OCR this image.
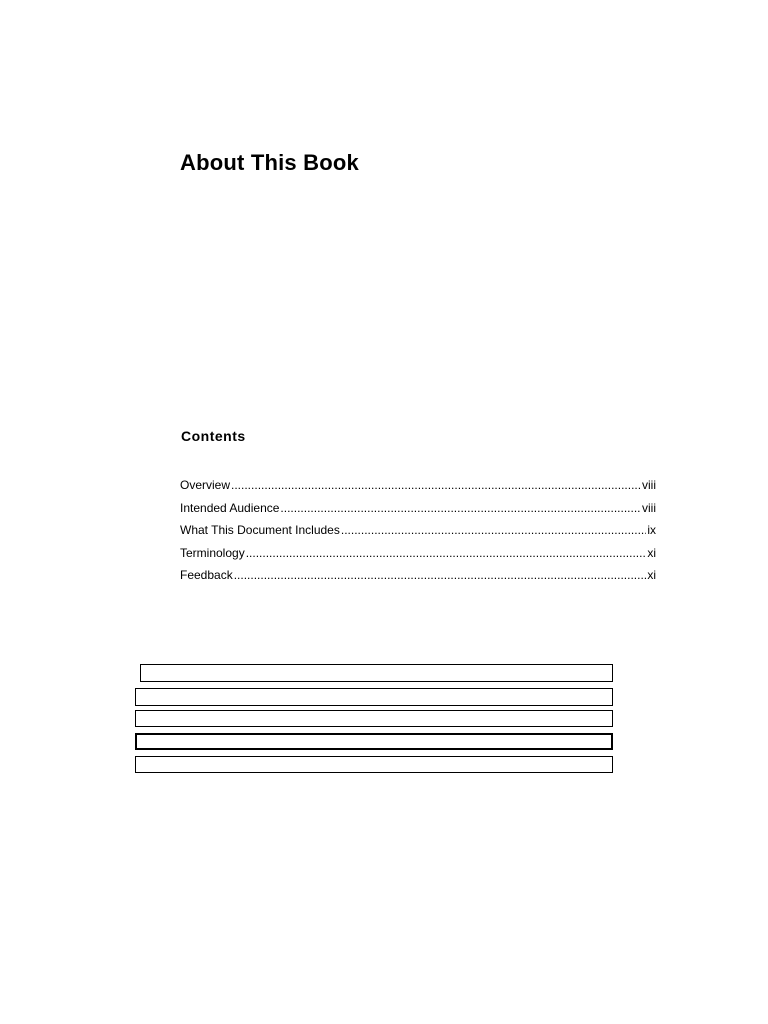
About This Book
Contents
Overview .....	viii
Intended Audience .....	viii
What This Document Includes .....	ix
Terminology .....	xi
Feedback .....	xi
